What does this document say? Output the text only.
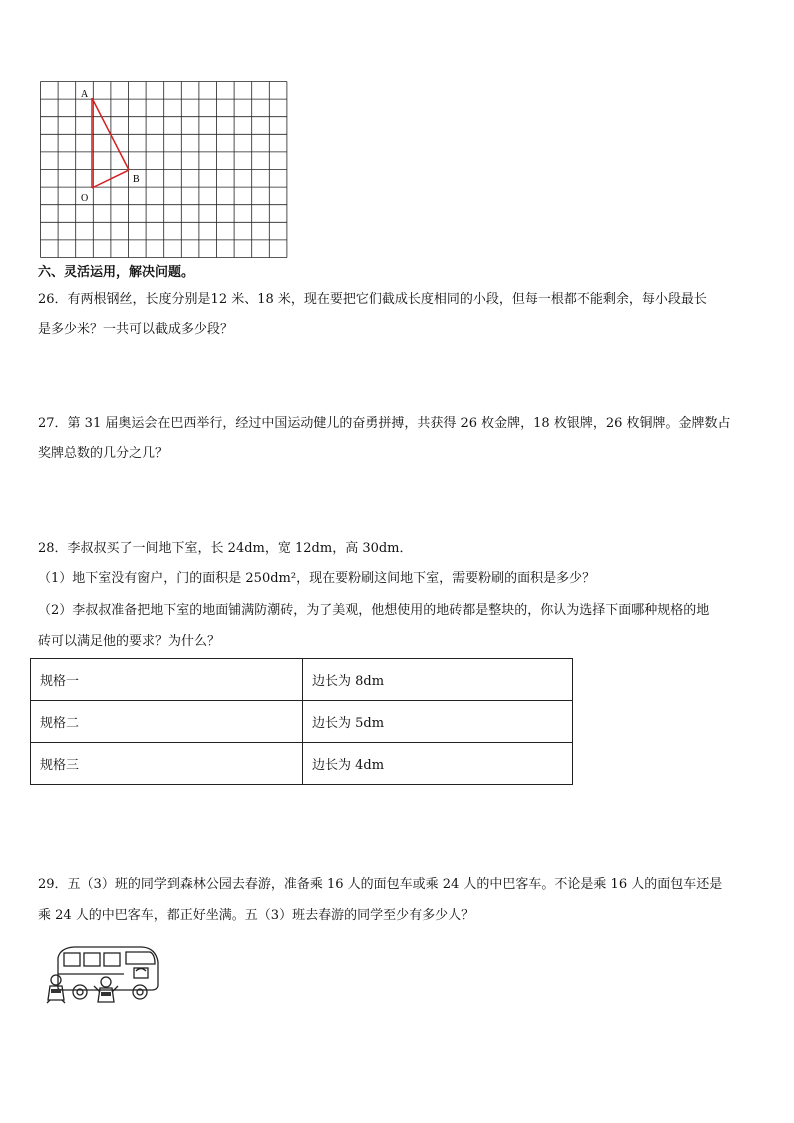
A
B
O
六、灵活运用，解决问题。
26．有两根钢丝，长度分别是12 米、18 米，现在要把它们截成长度相同的小段，但每一根都不能剩余，每小段最长
是多少米？一共可以截成多少段？
27．第 31 届奥运会在巴西举行，经过中国运动健儿的奋勇拼搏，共获得 26 枚金牌，18 枚银牌，26 枚铜牌。金牌数占
奖牌总数的几分之几？
28．李叔叔买了一间地下室，长 24dm，宽 12dm，高 30dm．
（1）地下室没有窗户，门的面积是 250dm²，现在要粉刷这间地下室，需要粉刷的面积是多少？
（2）李叔叔准备把地下室的地面铺满防潮砖，为了美观，他想使用的地砖都是整块的，你认为选择下面哪种规格的地
砖可以满足他的要求？为什么？
规格一	边长为 8dm
规格二	边长为 5dm
规格三	边长为 4dm
29．五（3）班的同学到森林公园去春游，准备乘 16 人的面包车或乘 24 人的中巴客车。不论是乘 16 人的面包车还是
乘 24 人的中巴客车，都正好坐满。五（3）班去春游的同学至少有多少人？
